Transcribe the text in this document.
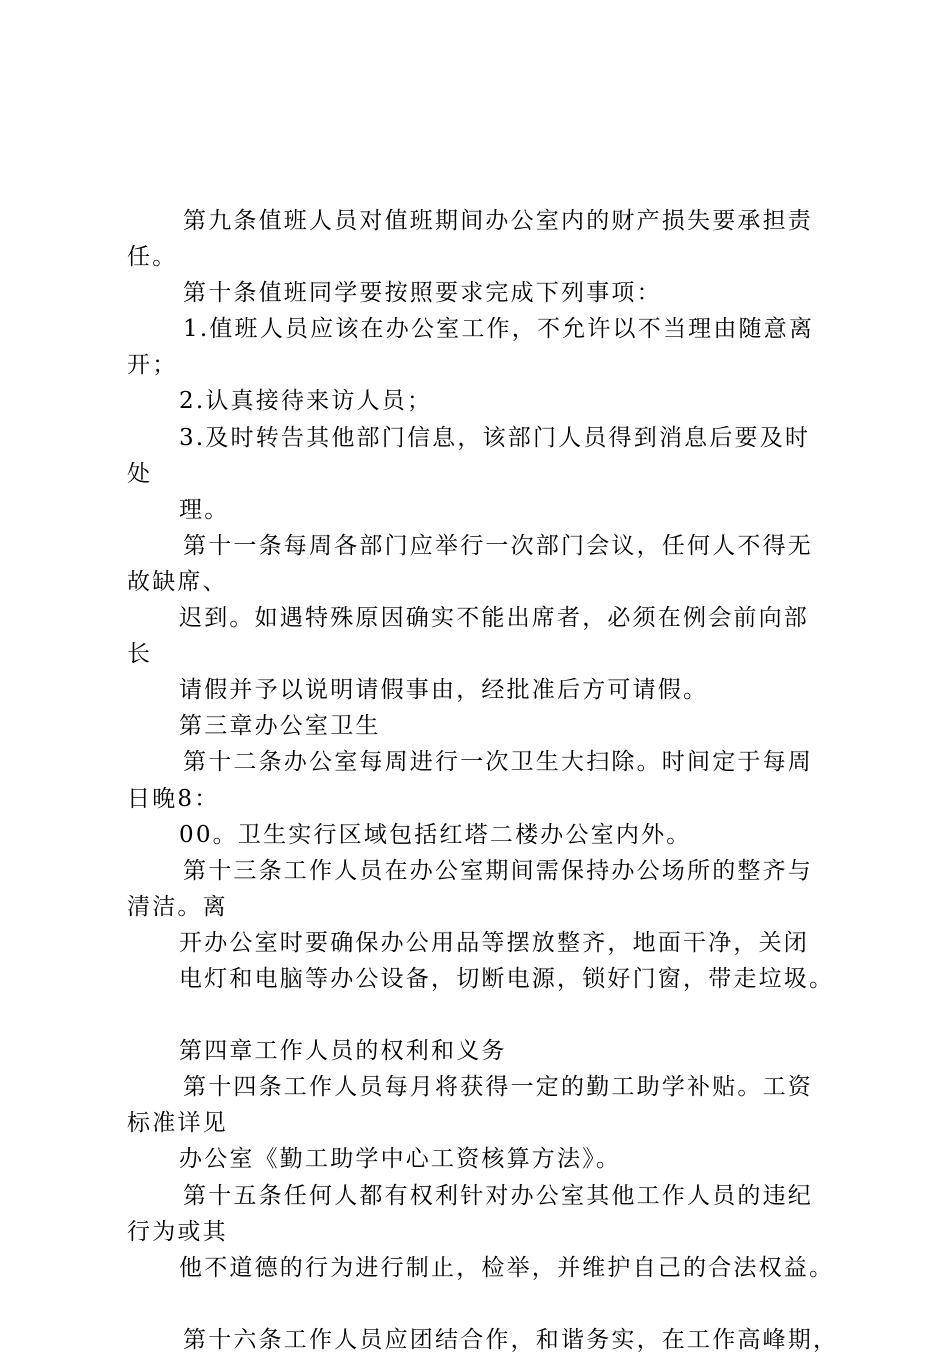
第九条值班人员对值班期间办公室内的财产损失要承担责
任。
第十条值班同学要按照要求完成下列事项：
1.值班人员应该在办公室工作，不允许以不当理由随意离
开；
2.认真接待来访人员；
3.及时转告其他部门信息，该部门人员得到消息后要及时
处
理。
第十一条每周各部门应举行一次部门会议，任何人不得无
故缺席、
迟到。如遇特殊原因确实不能出席者，必须在例会前向部
长
请假并予以说明请假事由，经批准后方可请假。
第三章办公室卫生
第十二条办公室每周进行一次卫生大扫除。时间定于每周
日晚8：
00。卫生实行区域包括红塔二楼办公室内外。
第十三条工作人员在办公室期间需保持办公场所的整齐与
清洁。离
开办公室时要确保办公用品等摆放整齐，地面干净，关闭
电灯和电脑等办公设备，切断电源，锁好门窗，带走垃圾。
第四章工作人员的权利和义务
第十四条工作人员每月将获得一定的勤工助学补贴。工资
标准详见
办公室《勤工助学中心工资核算方法》。
第十五条任何人都有权利针对办公室其他工作人员的违纪
行为或其
他不道德的行为进行制止，检举，并维护自己的合法权益。
第十六条工作人员应团结合作，和谐务实，在工作高峰期，
